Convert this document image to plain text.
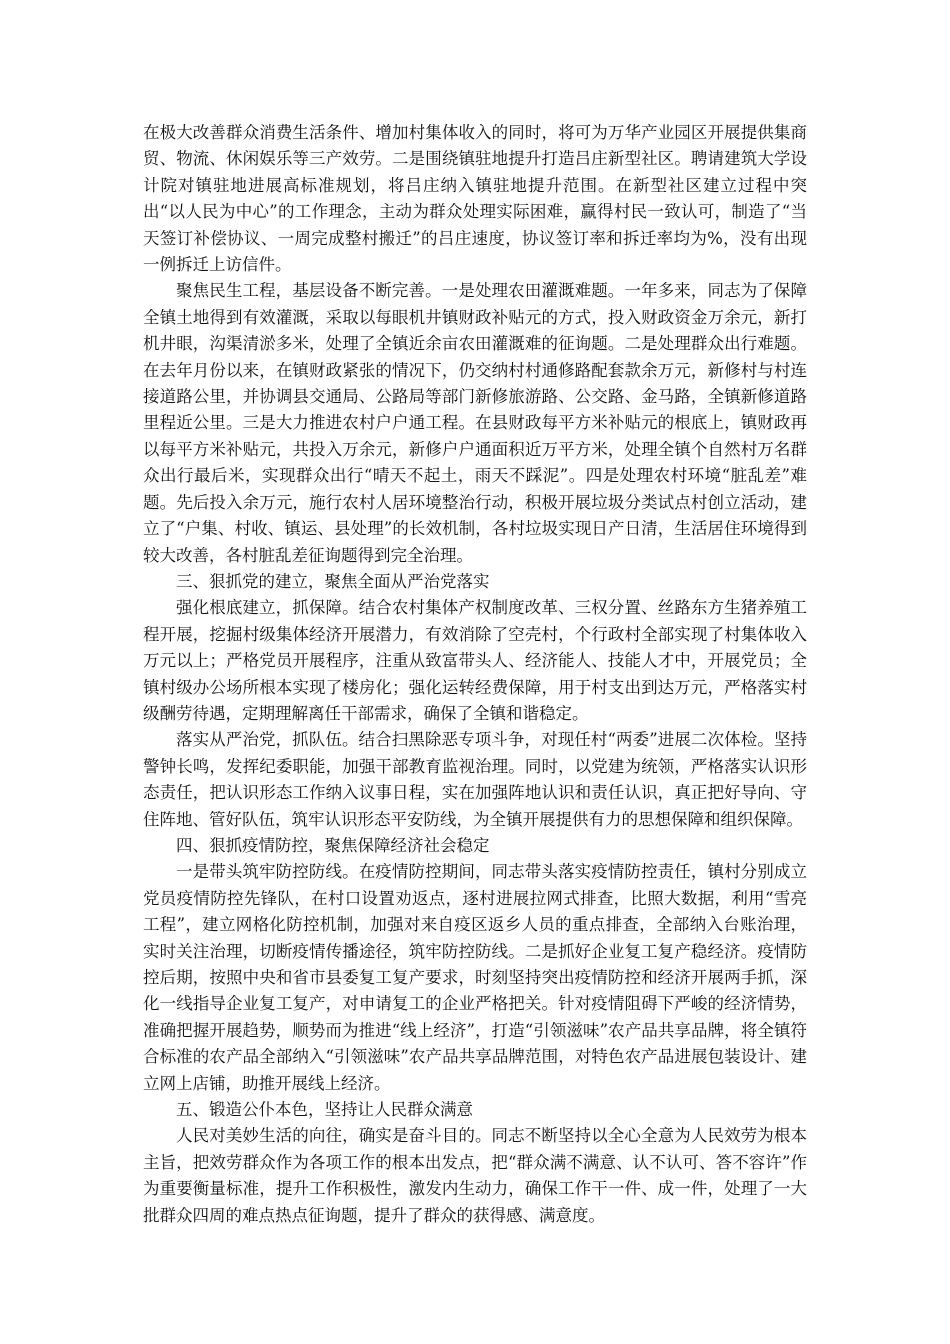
在极大改善群众消费生活条件、增加村集体收入的同时，将可为万华产业园区开展提供集商贸、物流、休闲娱乐等三产效劳。二是围绕镇驻地提升打造吕庄新型社区。聘请建筑大学设计院对镇驻地进展高标准规划，将吕庄纳入镇驻地提升范围。在新型社区建立过程中突出“以人民为中心”的工作理念，主动为群众处理实际困难，赢得村民一致认可，制造了“当天签订补偿协议、一周完成整村搬迁”的吕庄速度，协议签订率和拆迁率均为%，没有出现一例拆迁上访信件。

聚焦民生工程，基层设备不断完善。一是处理农田灌溉难题。一年多来，同志为了保障全镇土地得到有效灌溉，采取以每眼机井镇财政补贴元的方式，投入财政资金万余元，新打机井眼，沟渠清淤多米，处理了全镇近余亩农田灌溉难的征询题。二是处理群众出行难题。在去年月份以来，在镇财政紧张的情况下，仍交纳村村通修路配套款余万元，新修村与村连接道路公里，并协调县交通局、公路局等部门新修旅游路、公交路、金马路，全镇新修道路里程近公里。三是大力推进农村户户通工程。在县财政每平方米补贴元的根底上，镇财政再以每平方米补贴元，共投入万余元，新修户户通面积近万平方米，处理全镇个自然村万名群众出行最后米，实现群众出行“晴天不起土，雨天不踩泥”。四是处理农村环境“脏乱差”难题。先后投入余万元，施行农村人居环境整治行动，积极开展垃圾分类试点村创立活动，建立了“户集、村收、镇运、县处理”的长效机制，各村垃圾实现日产日清，生活居住环境得到较大改善，各村脏乱差征询题得到完全治理。

三、狠抓党的建立，聚焦全面从严治党落实

强化根底建立，抓保障。结合农村集体产权制度改革、三权分置、丝路东方生猪养殖工程开展，挖掘村级集体经济开展潜力，有效消除了空壳村，个行政村全部实现了村集体收入万元以上；严格党员开展程序，注重从致富带头人、经济能人、技能人才中，开展党员；全镇村级办公场所根本实现了楼房化；强化运转经费保障，用于村支出到达万元，严格落实村级酬劳待遇，定期理解离任干部需求，确保了全镇和谐稳定。

落实从严治党，抓队伍。结合扫黑除恶专项斗争，对现任村“两委”进展二次体检。坚持警钟长鸣，发挥纪委职能，加强干部教育监视治理。同时，以党建为统领，严格落实认识形态责任，把认识形态工作纳入议事日程，实在加强阵地认识和责任认识，真正把好导向、守住阵地、管好队伍，筑牢认识形态平安防线，为全镇开展提供有力的思想保障和组织保障。

四、狠抓疫情防控，聚焦保障经济社会稳定

一是带头筑牢防控防线。在疫情防控期间，同志带头落实疫情防控责任，镇村分别成立党员疫情防控先锋队，在村口设置劝返点，逐村进展拉网式排查，比照大数据，利用“雪亮工程”，建立网格化防控机制，加强对来自疫区返乡人员的重点排查，全部纳入台账治理，实时关注治理，切断疫情传播途径，筑牢防控防线。二是抓好企业复工复产稳经济。疫情防控后期，按照中央和省市县委复工复产要求，时刻坚持突出疫情防控和经济开展两手抓，深化一线指导企业复工复产，对申请复工的企业严格把关。针对疫情阻碍下严峻的经济情势，准确把握开展趋势，顺势而为推进“线上经济”，打造“引领滋味”农产品共享品牌，将全镇符合标准的农产品全部纳入“引领滋味”农产品共享品牌范围，对特色农产品进展包装设计、建立网上店铺，助推开展线上经济。

五、锻造公仆本色，坚持让人民群众满意

人民对美妙生活的向往，确实是奋斗目的。同志不断坚持以全心全意为人民效劳为根本主旨，把效劳群众作为各项工作的根本出发点，把“群众满不满意、认不认可、答不容许”作为重要衡量标准，提升工作积极性，激发内生动力，确保工作干一件、成一件，处理了一大批群众四周的难点热点征询题，提升了群众的获得感、满意度。
